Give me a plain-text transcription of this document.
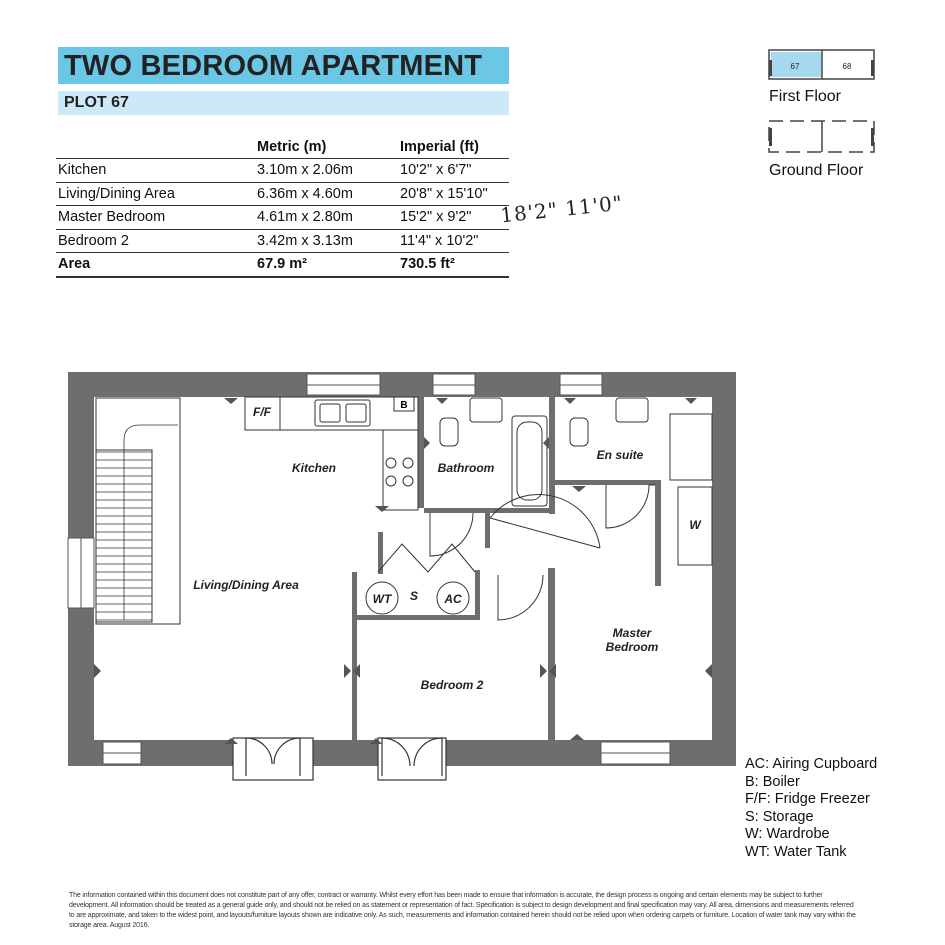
TWO BEDROOM APARTMENT
PLOT 67
	Metric (m)	Imperial (ft)
Kitchen	3.10m x 2.06m	10'2" x 6'7"
Living/Dining Area	6.36m x 4.60m	20'8" x 15'10"
Master Bedroom	4.61m x 2.80m	15'2" x 9'2"
Bedroom 2	3.42m x 3.13m	11'4" x 10'2"
Area	67.9 m²	730.5 ft²
18'2" 11'0"
67	68
First Floor
Ground Floor
F/F	B
Kitchen	Bathroom
En suite
W
Living/Dining Area
WT S AC
Master
Bedroom
Bedroom 2
AC: Airing Cupboard
B: Boiler
F/F: Fridge Freezer
S: Storage
W: Wardrobe
WT: Water Tank
The information contained within this document does not constitute part of any offer, contract or warranty. Whilst every effort has been made to ensure that information is accurate, the design process is ongoing and certain elements may be subject to further development. All information should be treated as a general guide only, and should not be relied on as statement or representation of fact. Specification is subject to design development and final specification may vary. All area, dimensions and measurements referred to are approximate, and taken to the widest point, and layouts/furniture layouts shown are indicative only. As such, measurements and information contained herein should not be relied upon when ordering carpets or furniture. Location of water tank may vary within the storage area. August 2016.
